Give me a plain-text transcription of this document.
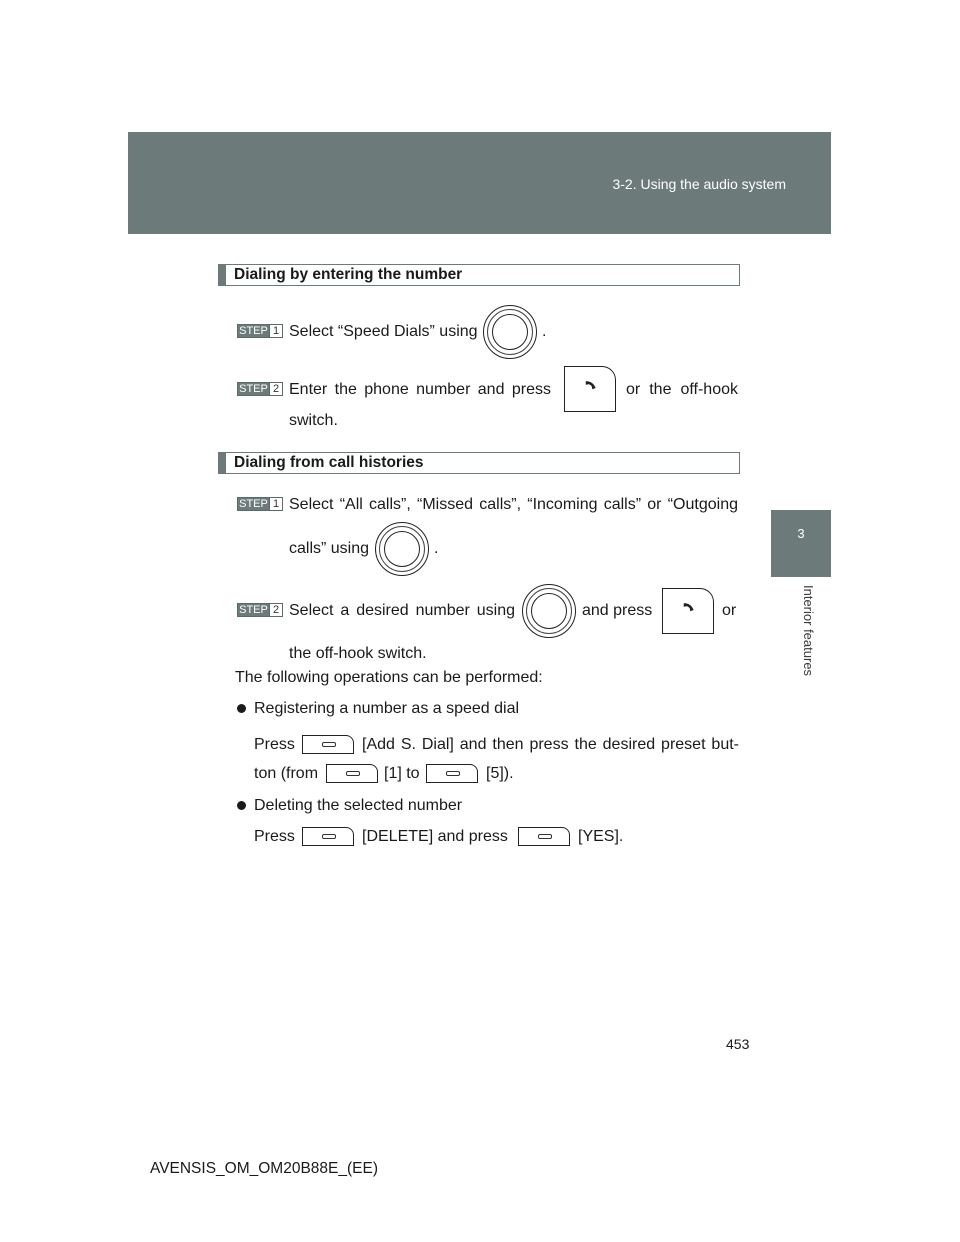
3-2. Using the audio system
3
Interior features
Dialing by entering the number
STEP 1 Select “Speed Dials” using	.
STEP 2 Enter the phone number and press	or the off-hook
switch.
Dialing from call histories
STEP 1 Select “All calls”, “Missed calls”, “Incoming calls” or “Outgoing
calls” using	.
STEP 2 Select a desired number using	and press	or
the off-hook switch.
The following operations can be performed:
Registering a number as a speed dial
Press	[Add S. Dial] and then press the desired preset but-
ton (from	[1] to	[5]).
Deleting the selected number
Press	[DELETE] and press	[YES].
453
AVENSIS_OM_OM20B88E_(EE)
